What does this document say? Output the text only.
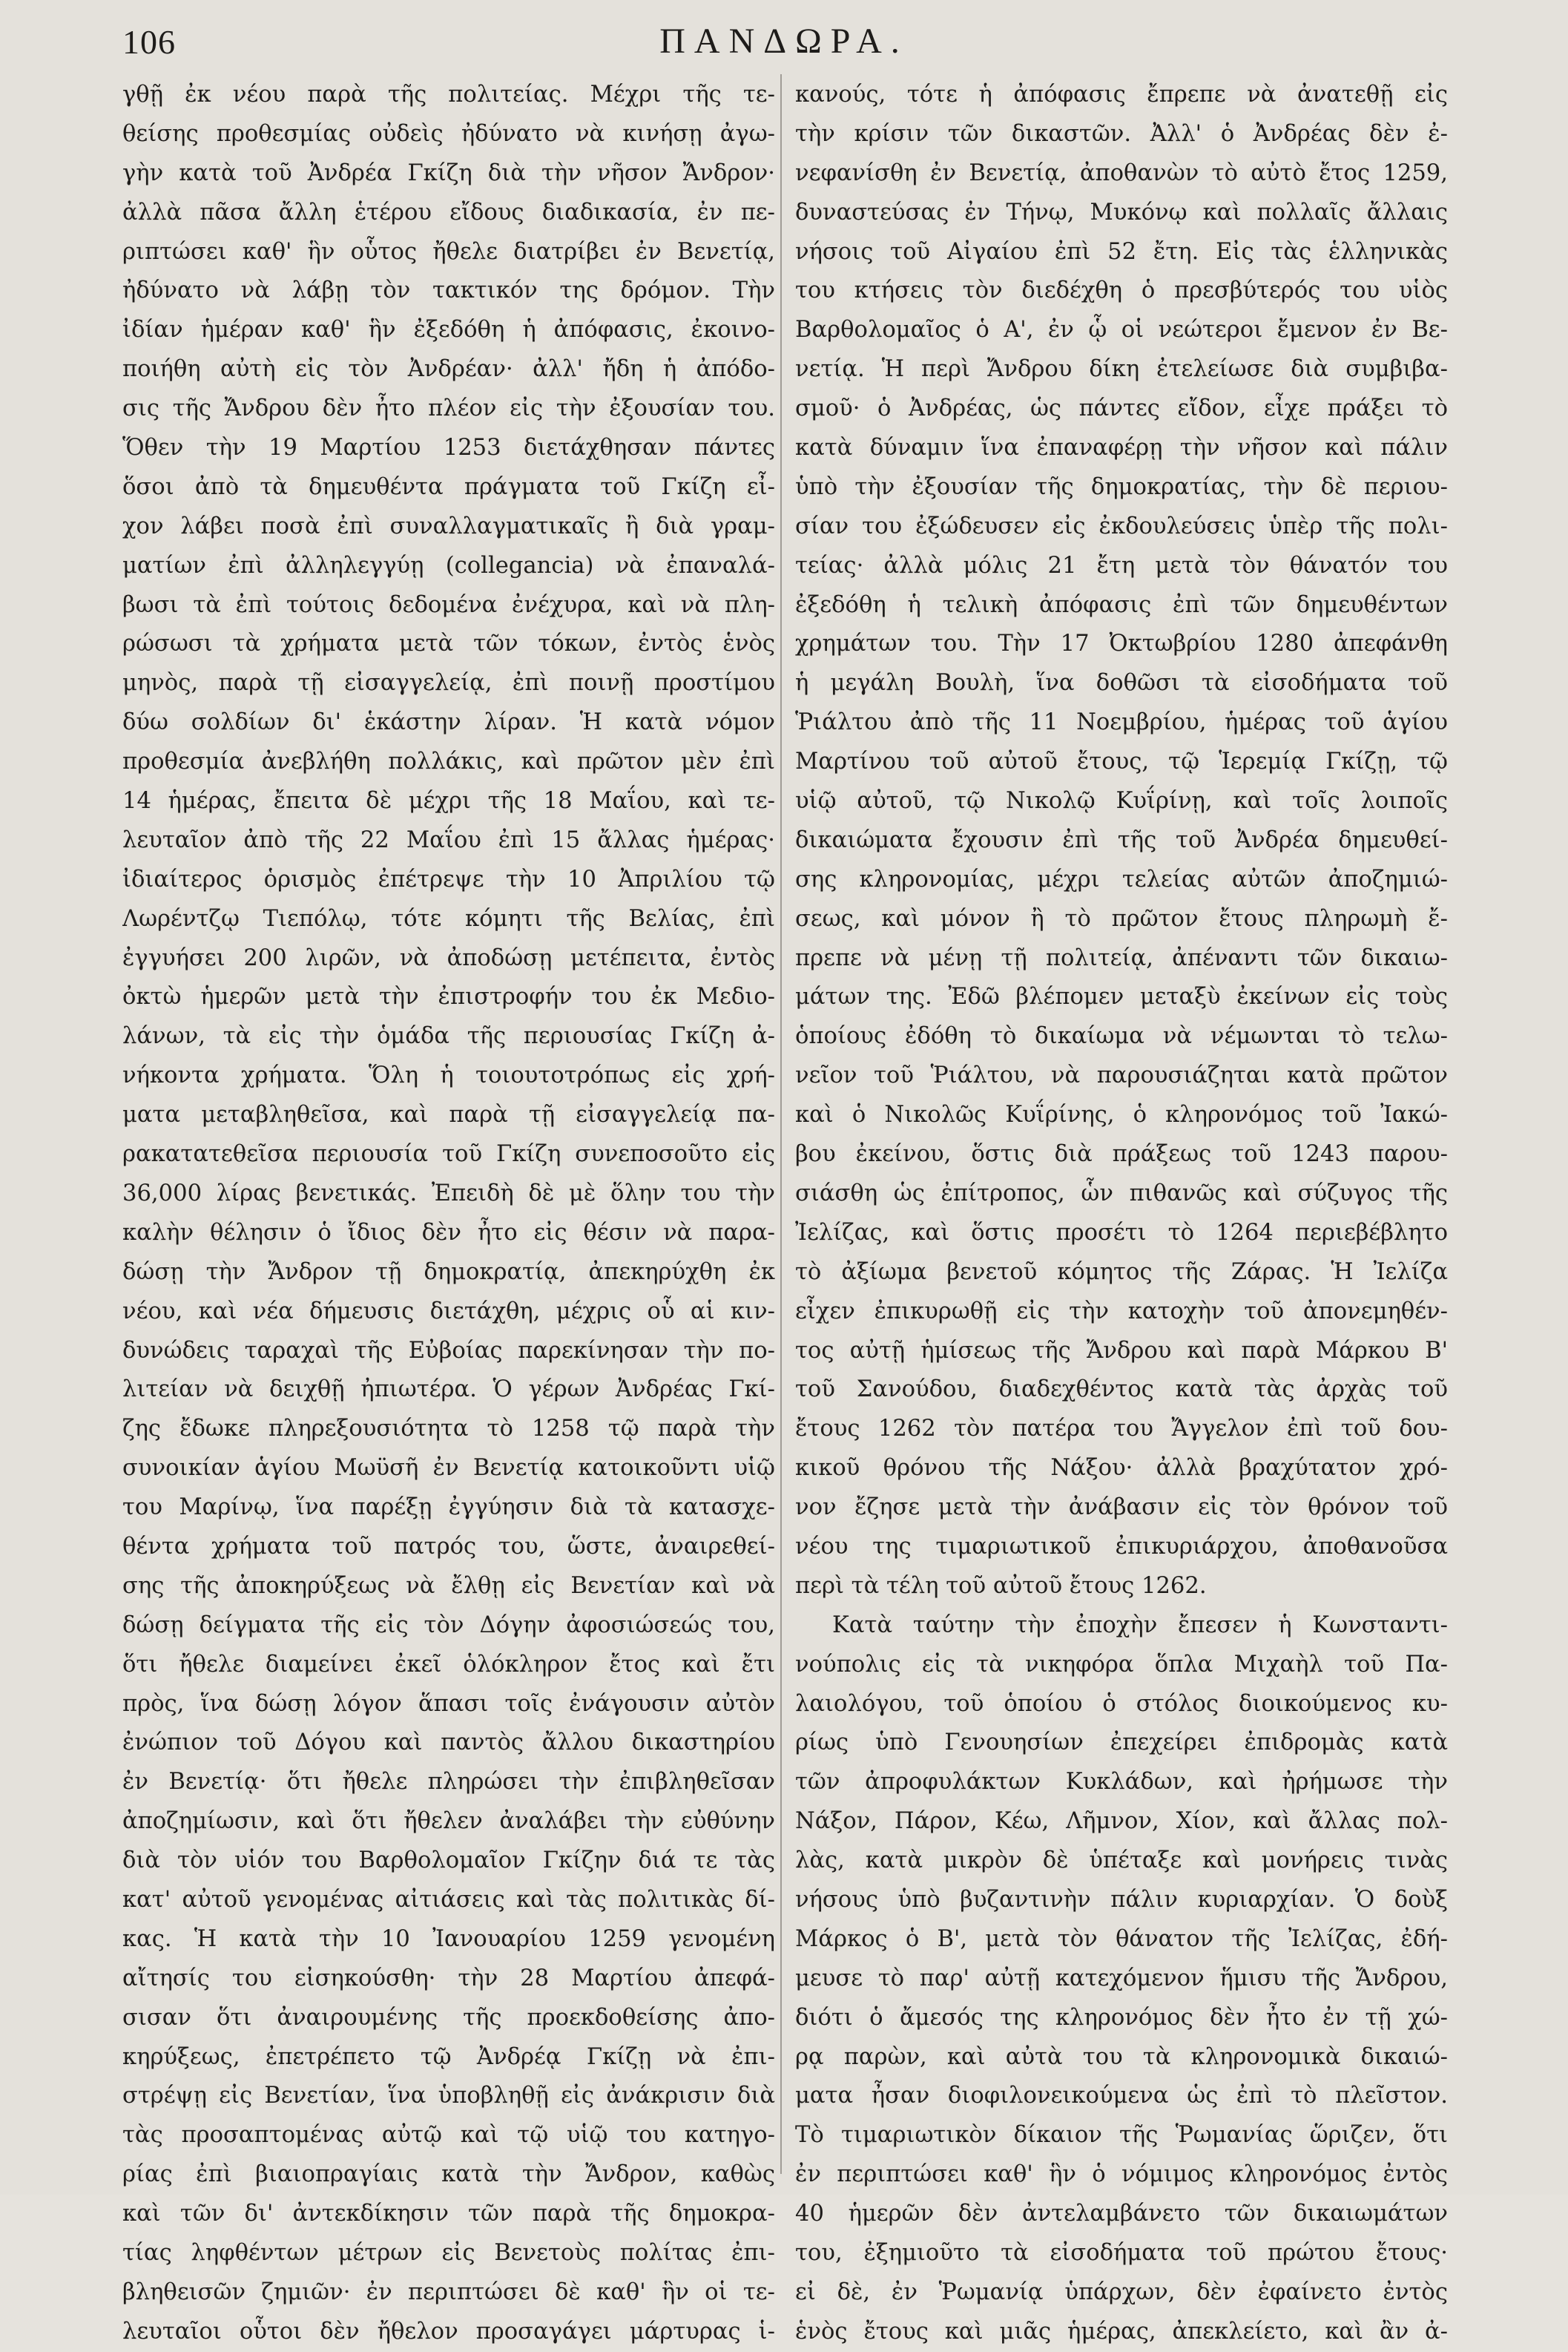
106	ΠΑΝΔΩΡΑ.
γθῇ ἐκ νέου παρὰ τῆς πολιτείας. Μέχρι τῆς τε-
θείσης προθεσμίας οὐδεὶς ἠδύνατο νὰ κινήσῃ ἀγω-
γὴν κατὰ τοῦ Ἀνδρέα Γκίζη διὰ τὴν νῆσον Ἄνδρον·
ἀλλὰ πᾶσα ἄλλη ἑτέρου εἴδους διαδικασία, ἐν πε-
ριπτώσει καθ' ἣν οὗτος ἤθελε διατρίβει ἐν Βενετίᾳ,
ἠδύνατο νὰ λάβῃ τὸν τακτικόν της δρόμον. Τὴν
ἰδίαν ἡμέραν καθ' ἣν ἐξεδόθη ἡ ἀπόφασις, ἐκοινο-
ποιήθη αὐτὴ εἰς τὸν Ἀνδρέαν· ἀλλ' ἤδη ἡ ἀπόδο-
σις τῆς Ἄνδρου δὲν ἦτο πλέον εἰς τὴν ἐξουσίαν του.
Ὅθεν τὴν 19 Μαρτίου 1253 διετάχθησαν πάντες
ὅσοι ἀπὸ τὰ δημευθέντα πράγματα τοῦ Γκίζη εἶ-
χον λάβει ποσὰ ἐπὶ συναλλαγματικαῖς ἢ διὰ γραμ-
ματίων ἐπὶ ἀλληλεγγύῃ (collegancia) νὰ ἐπαναλά-
βωσι τὰ ἐπὶ τούτοις δεδομένα ἐνέχυρα, καὶ νὰ πλη-
ρώσωσι τὰ χρήματα μετὰ τῶν τόκων, ἐντὸς ἑνὸς
μηνὸς, παρὰ τῇ εἰσαγγελείᾳ, ἐπὶ ποινῇ προστίμου
δύω σολδίων δι' ἑκάστην λίραν. Ἡ κατὰ νόμον
προθεσμία ἀνεβλήθη πολλάκις, καὶ πρῶτον μὲν ἐπὶ
14 ἡμέρας, ἔπειτα δὲ μέχρι τῆς 18 Μαΐου, καὶ τε-
λευταῖον ἀπὸ τῆς 22 Μαΐου ἐπὶ 15 ἄλλας ἡμέρας·
ἰδιαίτερος ὁρισμὸς ἐπέτρεψε τὴν 10 Ἀπριλίου τῷ
Λωρέντζῳ Τιεπόλῳ, τότε κόμητι τῆς Βελίας, ἐπὶ
ἐγγυήσει 200 λιρῶν, νὰ ἀποδώσῃ μετέπειτα, ἐντὸς
ὀκτὼ ἡμερῶν μετὰ τὴν ἐπιστροφήν του ἐκ Μεδιο-
λάνων, τὰ εἰς τὴν ὁμάδα τῆς περιουσίας Γκίζη ἀ-
νήκοντα χρήματα. Ὅλη ἡ τοιουτοτρόπως εἰς χρή-
ματα μεταβληθεῖσα, καὶ παρὰ τῇ εἰσαγγελείᾳ πα-
ρακατατεθεῖσα περιουσία τοῦ Γκίζη συνεποσοῦτο εἰς
36,000 λίρας βενετικάς. Ἐπειδὴ δὲ μὲ ὅλην του τὴν
καλὴν θέλησιν ὁ ἴδιος δὲν ἦτο εἰς θέσιν νὰ παρα-
δώσῃ τὴν Ἄνδρον τῇ δημοκρατίᾳ, ἀπεκηρύχθη ἐκ
νέου, καὶ νέα δήμευσις διετάχθη, μέχρις οὗ αἱ κιν-
δυνώδεις ταραχαὶ τῆς Εὐβοίας παρεκίνησαν τὴν πο-
λιτείαν νὰ δειχθῇ ἠπιωτέρα. Ὁ γέρων Ἀνδρέας Γκί-
ζης ἔδωκε πληρεξουσιότητα τὸ 1258 τῷ παρὰ τὴν
συνοικίαν ἁγίου Μωϋσῆ ἐν Βενετίᾳ κατοικοῦντι υἱῷ
του Μαρίνῳ, ἵνα παρέξῃ ἐγγύησιν διὰ τὰ κατασχε-
θέντα χρήματα τοῦ πατρός του, ὥστε, ἀναιρεθεί-
σης τῆς ἀποκηρύξεως νὰ ἔλθῃ εἰς Βενετίαν καὶ νὰ
δώσῃ δείγματα τῆς εἰς τὸν Δόγην ἀφοσιώσεώς του,
ὅτι ἤθελε διαμείνει ἐκεῖ ὁλόκληρον ἔτος καὶ ἔτι
πρὸς, ἵνα δώσῃ λόγον ἅπασι τοῖς ἐνάγουσιν αὐτὸν
ἐνώπιον τοῦ Δόγου καὶ παντὸς ἄλλου δικαστηρίου
ἐν Βενετίᾳ· ὅτι ἤθελε πληρώσει τὴν ἐπιβληθεῖσαν
ἀποζημίωσιν, καὶ ὅτι ἤθελεν ἀναλάβει τὴν εὐθύνην
διὰ τὸν υἱόν του Βαρθολομαῖον Γκίζην διά τε τὰς
κατ' αὐτοῦ γενομένας αἰτιάσεις καὶ τὰς πολιτικὰς δί-
κας. Ἡ κατὰ τὴν 10 Ἰανουαρίου 1259 γενομένη
αἴτησίς του εἰσηκούσθη· τὴν 28 Μαρτίου ἀπεφά-
σισαν ὅτι ἀναιρουμένης τῆς προεκδοθείσης ἀπο-
κηρύξεως, ἐπετρέπετο τῷ Ἀνδρέᾳ Γκίζῃ νὰ ἐπι-
στρέψῃ εἰς Βενετίαν, ἵνα ὑποβληθῇ εἰς ἀνάκρισιν διὰ
τὰς προσαπτομένας αὐτῷ καὶ τῷ υἱῷ του κατηγο-
ρίας ἐπὶ βιαιοπραγίαις κατὰ τὴν Ἄνδρον, καθὼς
καὶ τῶν δι' ἀντεκδίκησιν τῶν παρὰ τῆς δημοκρα-
τίας ληφθέντων μέτρων εἰς Βενετοὺς πολίτας ἐπι-
βληθεισῶν ζημιῶν· ἐν περιπτώσει δὲ καθ' ἣν οἱ τε-
λευταῖοι οὗτοι δὲν ἤθελον προσαγάγει μάρτυρας ἱ-
κανούς, τότε ἡ ἀπόφασις ἔπρεπε νὰ ἀνατεθῇ εἰς
τὴν κρίσιν τῶν δικαστῶν. Ἀλλ' ὁ Ἀνδρέας δὲν ἐ-
νεφανίσθη ἐν Βενετίᾳ, ἀποθανὼν τὸ αὐτὸ ἔτος 1259,
δυναστεύσας ἐν Τήνῳ, Μυκόνῳ καὶ πολλαῖς ἄλλαις
νήσοις τοῦ Αἰγαίου ἐπὶ 52 ἔτη. Εἰς τὰς ἑλληνικὰς
του κτήσεις τὸν διεδέχθη ὁ πρεσβύτερός του υἱὸς
Βαρθολομαῖος ὁ Α', ἐν ᾧ οἱ νεώτεροι ἔμενον ἐν Βε-
νετίᾳ. Ἡ περὶ Ἄνδρου δίκη ἐτελείωσε διὰ συμβιβα-
σμοῦ· ὁ Ἀνδρέας, ὡς πάντες εἴδον, εἶχε πράξει τὸ
κατὰ δύναμιν ἵνα ἐπαναφέρῃ τὴν νῆσον καὶ πάλιν
ὑπὸ τὴν ἐξουσίαν τῆς δημοκρατίας, τὴν δὲ περιου-
σίαν του ἐξώδευσεν εἰς ἐκδουλεύσεις ὑπὲρ τῆς πολι-
τείας· ἀλλὰ μόλις 21 ἔτη μετὰ τὸν θάνατόν του
ἐξεδόθη ἡ τελικὴ ἀπόφασις ἐπὶ τῶν δημευθέντων
χρημάτων του. Τὴν 17 Ὀκτωβρίου 1280 ἀπεφάνθη
ἡ μεγάλη Βουλὴ, ἵνα δοθῶσι τὰ εἰσοδήματα τοῦ
Ῥιάλτου ἀπὸ τῆς 11 Νοεμβρίου, ἡμέρας τοῦ ἁγίου
Μαρτίνου τοῦ αὐτοῦ ἔτους, τῷ Ἱερεμίᾳ Γκίζῃ, τῷ
υἱῷ αὐτοῦ, τῷ Νικολῷ Κυΐρίνῃ, καὶ τοῖς λοιποῖς
δικαιώματα ἔχουσιν ἐπὶ τῆς τοῦ Ἀνδρέα δημευθεί-
σης κληρονομίας, μέχρι τελείας αὐτῶν ἀποζημιώ-
σεως, καὶ μόνον ἢ τὸ πρῶτον ἔτους πληρωμὴ ἔ-
πρεπε νὰ μένῃ τῇ πολιτείᾳ, ἀπέναντι τῶν δικαιω-
μάτων της. Ἐδῶ βλέπομεν μεταξὺ ἐκείνων εἰς τοὺς
ὁποίους ἐδόθη τὸ δικαίωμα νὰ νέμωνται τὸ τελω-
νεῖον τοῦ Ῥιάλτου, νὰ παρουσιάζηται κατὰ πρῶτον
καὶ ὁ Νικολῶς Κυΐρίνης, ὁ κληρονόμος τοῦ Ἰακώ-
βου ἐκείνου, ὅστις διὰ πράξεως τοῦ 1243 παρου-
σιάσθη ὡς ἐπίτροπος, ὧν πιθανῶς καὶ σύζυγος τῆς
Ἰελίζας, καὶ ὅστις προσέτι τὸ 1264 περιεβέβλητο
τὸ ἀξίωμα βενετοῦ κόμητος τῆς Ζάρας. Ἡ Ἰελίζα
εἶχεν ἐπικυρωθῇ εἰς τὴν κατοχὴν τοῦ ἀπονεμηθέν-
τος αὐτῇ ἡμίσεως τῆς Ἄνδρου καὶ παρὰ Μάρκου Β'
τοῦ Σανούδου, διαδεχθέντος κατὰ τὰς ἀρχὰς τοῦ
ἔτους 1262 τὸν πατέρα του Ἄγγελον ἐπὶ τοῦ δου-
κικοῦ θρόνου τῆς Νάξου· ἀλλὰ βραχύτατον χρό-
νον ἔζησε μετὰ τὴν ἀνάβασιν εἰς τὸν θρόνον τοῦ
νέου της τιμαριωτικοῦ ἐπικυριάρχου, ἀποθανοῦσα
περὶ τὰ τέλη τοῦ αὐτοῦ ἔτους 1262.
Κατὰ ταύτην τὴν ἐποχὴν ἔπεσεν ἡ Κωνσταντι-
νούπολις εἰς τὰ νικηφόρα ὅπλα Μιχαὴλ τοῦ Πα-
λαιολόγου, τοῦ ὁποίου ὁ στόλος διοικούμενος κυ-
ρίως ὑπὸ Γενουησίων ἐπεχείρει ἐπιδρομὰς κατὰ
τῶν ἀπροφυλάκτων Κυκλάδων, καὶ ἠρήμωσε τὴν
Νάξον, Πάρον, Κέω, Λῆμνον, Χίον, καὶ ἄλλας πολ-
λὰς, κατὰ μικρὸν δὲ ὑπέταξε καὶ μονήρεις τινὰς
νήσους ὑπὸ βυζαντινὴν πάλιν κυριαρχίαν. Ὁ δοὺξ
Μάρκος ὁ Β', μετὰ τὸν θάνατον τῆς Ἰελίζας, ἐδή-
μευσε τὸ παρ' αὐτῇ κατεχόμενον ἥμισυ τῆς Ἄνδρου,
διότι ὁ ἄμεσός της κληρονόμος δὲν ἦτο ἐν τῇ χώ-
ρᾳ παρὼν, καὶ αὐτὰ του τὰ κληρονομικὰ δικαιώ-
ματα ἦσαν διοφιλονεικούμενα ὡς ἐπὶ τὸ πλεῖστον.
Τὸ τιμαριωτικὸν δίκαιον τῆς Ῥωμανίας ὥριζεν, ὅτι
ἐν περιπτώσει καθ' ἣν ὁ νόμιμος κληρονόμος ἐντὸς
40 ἡμερῶν δὲν ἀντελαμβάνετο τῶν δικαιωμάτων
του, ἐξημιοῦτο τὰ εἰσοδήματα τοῦ πρώτου ἔτους·
εἰ δὲ, ἐν Ῥωμανίᾳ ὑπάρχων, δὲν ἐφαίνετο ἐντὸς
ἑνὸς ἔτους καὶ μιᾶς ἡμέρας, ἀπεκλείετο, καὶ ἂν ἀ-
